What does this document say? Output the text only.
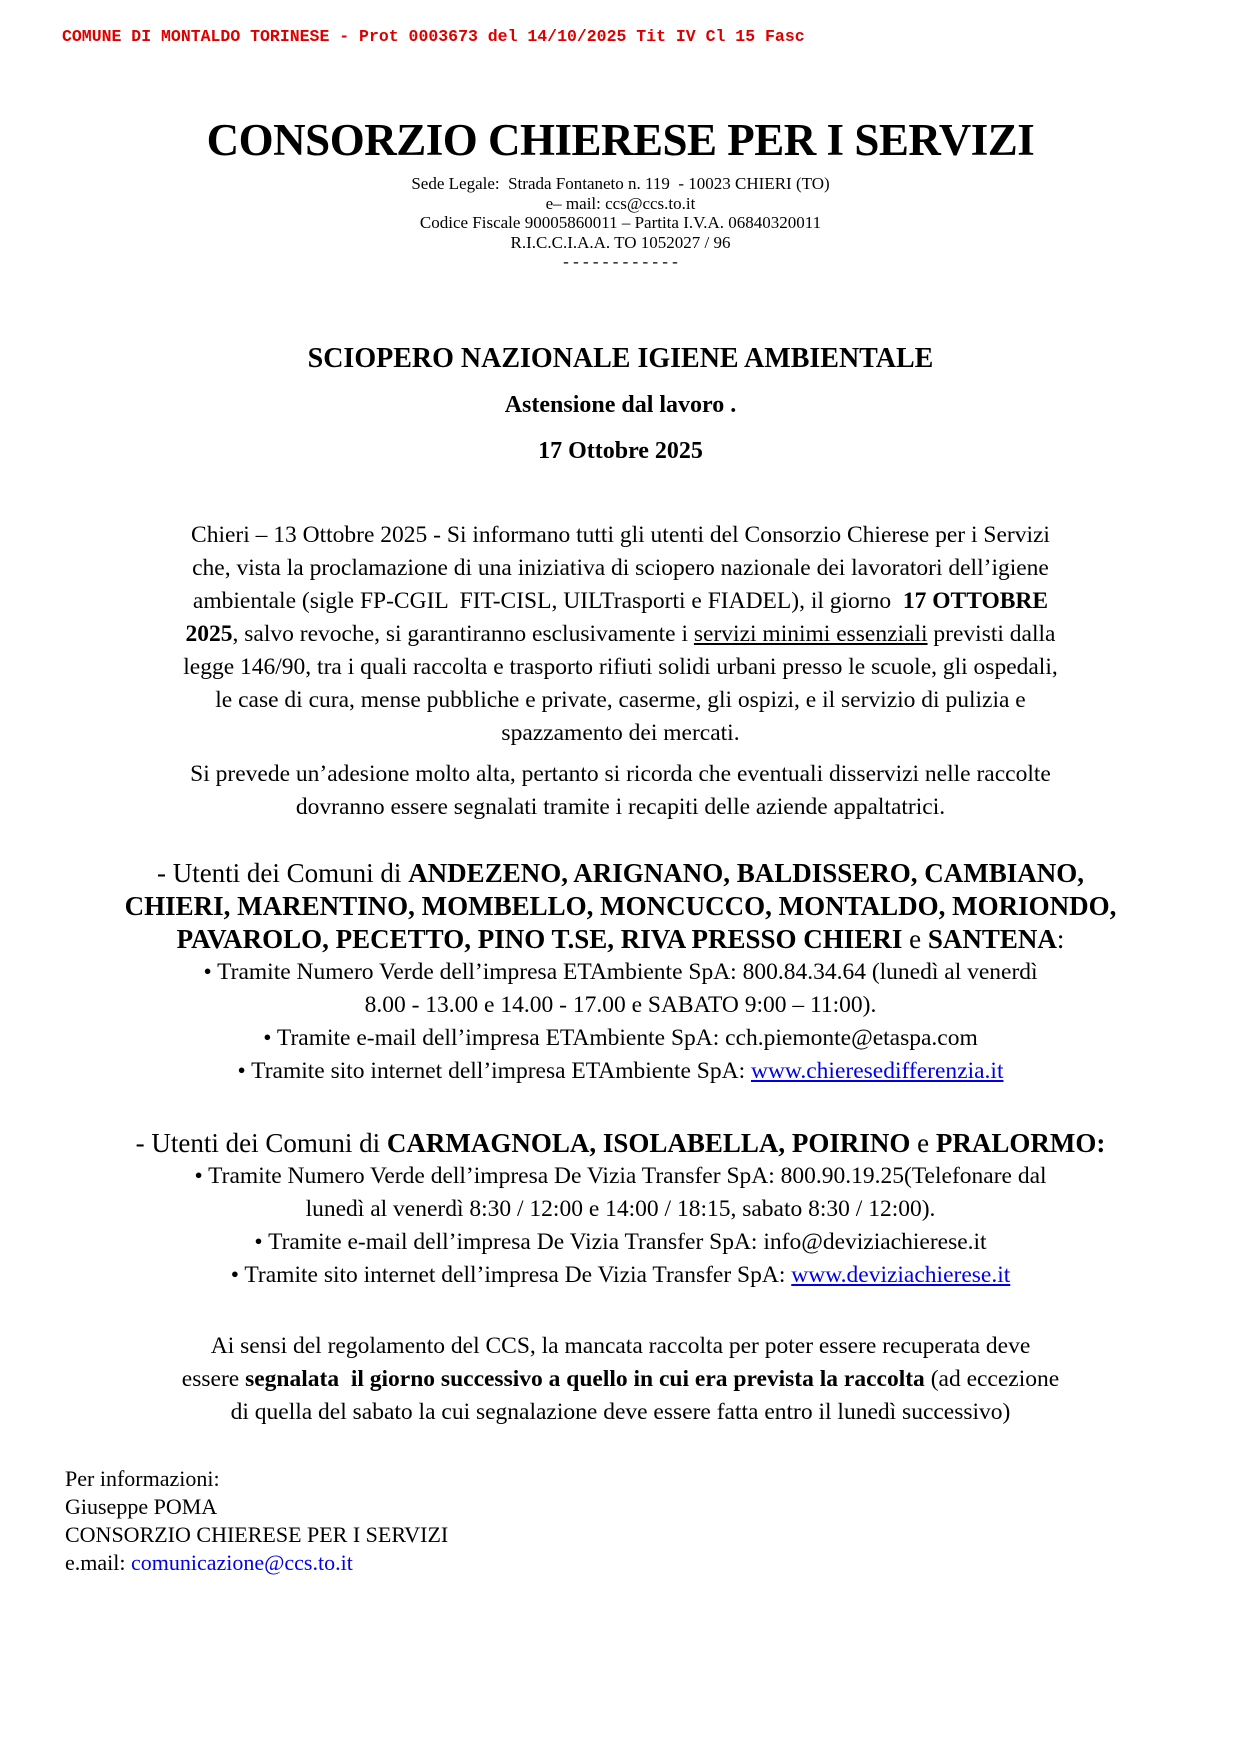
COMUNE DI MONTALDO TORINESE - Prot 0003673 del 14/10/2025 Tit IV Cl 15 Fasc
CONSORZIO CHIERESE PER I SERVIZI
Sede Legale:  Strada Fontaneto n. 119  - 10023 CHIERI (TO)
e– mail: ccs@ccs.to.it
Codice Fiscale 90005860011 – Partita I.V.A. 06840320011
R.I.C.C.I.A.A. TO 1052027 / 96
- - - - - - - - - - - -
SCIOPERO NAZIONALE IGIENE AMBIENTALE
Astensione dal lavoro .
17 Ottobre 2025
Chieri – 13 Ottobre 2025 - Si informano tutti gli utenti del Consorzio Chierese per i Servizi
che, vista la proclamazione di una iniziativa di sciopero nazionale dei lavoratori dell’igiene
ambientale (sigle FP-CGIL  FIT-CISL, UILTrasporti e FIADEL), il giorno  17 OTTOBRE
2025, salvo revoche, si garantiranno esclusivamente i servizi minimi essenziali previsti dalla
legge 146/90, tra i quali raccolta e trasporto rifiuti solidi urbani presso le scuole, gli ospedali,
le case di cura, mense pubbliche e private, caserme, gli ospizi, e il servizio di pulizia e
spazzamento dei mercati.
Si prevede un’adesione molto alta, pertanto si ricorda che eventuali disservizi nelle raccolte
dovranno essere segnalati tramite i recapiti delle aziende appaltatrici.
- Utenti dei Comuni di ANDEZENO, ARIGNANO, BALDISSERO, CAMBIANO,
CHIERI, MARENTINO, MOMBELLO, MONCUCCO, MONTALDO, MORIONDO,
PAVAROLO, PECETTO, PINO T.SE, RIVA PRESSO CHIERI e SANTENA:
• Tramite Numero Verde dell’impresa ETAmbiente SpA: 800.84.34.64 (lunedì al venerdì
8.00 - 13.00 e 14.00 - 17.00 e SABATO 9:00 – 11:00).
• Tramite e-mail dell’impresa ETAmbiente SpA: cch.piemonte@etaspa.com
• Tramite sito internet dell’impresa ETAmbiente SpA: www.chieresedifferenzia.it
- Utenti dei Comuni di CARMAGNOLA, ISOLABELLA, POIRINO e PRALORMO:
• Tramite Numero Verde dell’impresa De Vizia Transfer SpA: 800.90.19.25(Telefonare dal
lunedì al venerdì 8:30 / 12:00 e 14:00 / 18:15, sabato 8:30 / 12:00).
• Tramite e-mail dell’impresa De Vizia Transfer SpA: info@deviziachierese.it
• Tramite sito internet dell’impresa De Vizia Transfer SpA: www.deviziachierese.it
Ai sensi del regolamento del CCS, la mancata raccolta per poter essere recuperata deve
essere segnalata  il giorno successivo a quello in cui era prevista la raccolta (ad eccezione
di quella del sabato la cui segnalazione deve essere fatta entro il lunedì successivo)
Per informazioni:
Giuseppe POMA
CONSORZIO CHIERESE PER I SERVIZI
e.mail: comunicazione@ccs.to.it
